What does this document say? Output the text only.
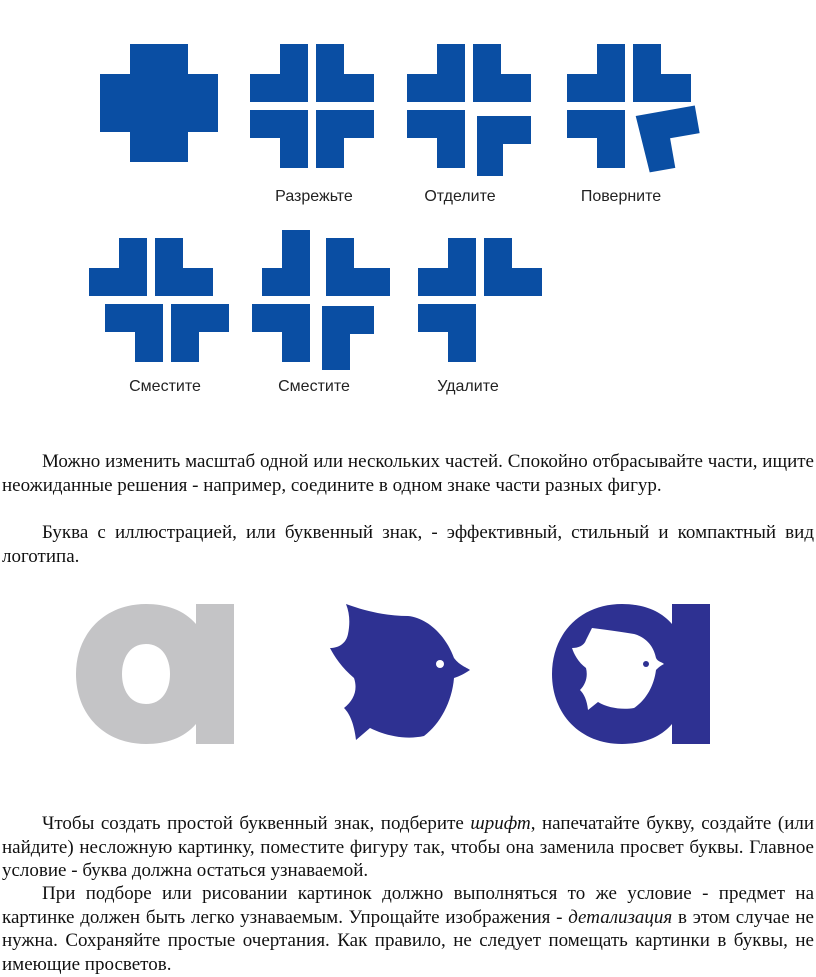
Разрежьте	Отделите	Поверните
Сместите	Сместите	Удалите

Можно изменить масштаб одной или нескольких частей. Спокойно отбрасывайте части, ищите неожиданные решения - например, соедините в одном знаке части разных фигур.

Буква с иллюстрацией, или буквенный знак, - эффективный, стильный и компактный вид логотипа.

Чтобы создать простой буквенный знак, подберите шрифт, напечатайте букву, создайте (или найдите) несложную картинку, поместите фигуру так, чтобы она заменила просвет буквы. Главное условие - буква должна остаться узнаваемой.

При подборе или рисовании картинок должно выполняться то же условие - предмет на картинке должен быть легко узнаваемым. Упрощайте изображения - детализация в этом случае не нужна. Сохраняйте простые очертания. Как правило, не следует помещать картинки в буквы, не имеющие просветов.
